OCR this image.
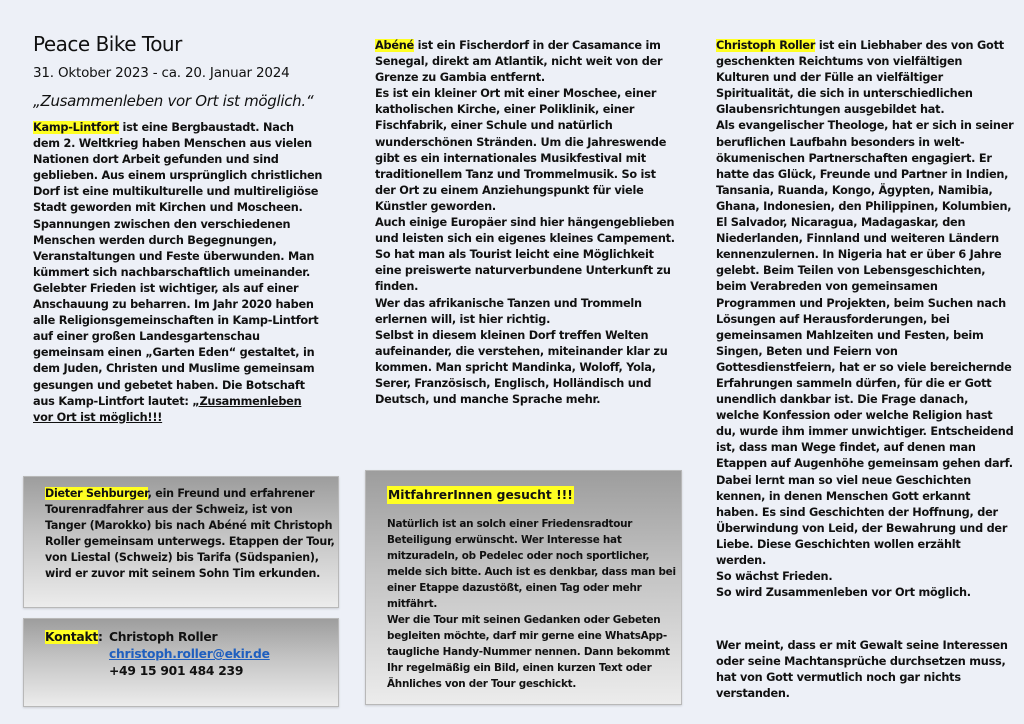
Peace Bike Tour
31. Oktober 2023 - ca. 20. Januar 2024
„Zusammenleben vor Ort ist möglich.“
Kamp-Lintfort ist eine Bergbaustadt. Nach dem 2. Weltkrieg haben Menschen aus vielen Nationen dort Arbeit gefunden und sind geblieben. Aus einem ursprünglich christlichen Dorf ist eine multikulturelle und multireligiöse Stadt geworden mit Kirchen und Moscheen. Spannungen zwischen den verschiedenen Menschen werden durch Begegnungen, Veranstaltungen und Feste überwunden. Man kümmert sich nachbarschaftlich umeinander. Gelebter Frieden ist wichtiger, als auf einer Anschauung zu beharren. Im Jahr 2020 haben alle Religionsgemeinschaften in Kamp-Lintfort auf einer großen Landesgartenschau gemeinsam einen „Garten Eden“ gestaltet, in dem Juden, Christen und Muslime gemeinsam gesungen und gebetet haben. Die Botschaft aus Kamp-Lintfort lautet: „Zusammenleben vor Ort ist möglich!!!
Dieter Sehburger, ein Freund und erfahrener Tourenradfahrer aus der Schweiz, ist von Tanger (Marokko) bis nach Abéné mit Christoph Roller gemeinsam unterwegs. Etappen der Tour, von Liestal (Schweiz) bis Tarifa (Südspanien), wird er zuvor mit seinem Sohn Tim erkunden.
Kontakt: Christoph Roller
christoph.roller@ekir.de
+49 15 901 484 239

Abéné ist ein Fischerdorf in der Casamance im Senegal, direkt am Atlantik, nicht weit von der Grenze zu Gambia entfernt.

Es ist ein kleiner Ort mit einer Moschee, einer katholischen Kirche, einer Poliklinik, einer Fischfabrik, einer Schule und natürlich wunderschönen Stränden. Um die Jahreswende gibt es ein internationales Musikfestival mit traditionellem Tanz und Trommelmusik. So ist der Ort zu einem Anziehungspunkt für viele Künstler geworden.

Auch einige Europäer sind hier hängengeblieben und leisten sich ein eigenes kleines Campement.

So hat man als Tourist leicht eine Möglichkeit eine preiswerte naturverbundene Unterkunft zu finden.

Wer das afrikanische Tanzen und Trommeln erlernen will, ist hier richtig.

Selbst in diesem kleinen Dorf treffen Welten aufeinander, die verstehen, miteinander klar zu kommen. Man spricht Mandinka, Woloff, Yola, Serer, Französisch, Englisch, Holländisch und Deutsch, und manche Sprache mehr.

MitfahrerInnen gesucht !!!

Natürlich ist an solch einer Friedensradtour Beteiligung erwünscht. Wer Interesse hat mitzuradeln, ob Pedelec oder noch sportlicher, melde sich bitte. Auch ist es denkbar, dass man bei einer Etappe dazustößt, einen Tag oder mehr mitfährt.

Wer die Tour mit seinen Gedanken oder Gebeten begleiten möchte, darf mir gerne eine WhatsApp-taugliche Handy-Nummer nennen. Dann bekommt Ihr regelmäßig ein Bild, einen kurzen Text oder Ähnliches von der Tour geschickt.

Christoph Roller ist ein Liebhaber des von Gott geschenkten Reichtums von vielfältigen Kulturen und der Fülle an vielfältiger Spiritualität, die sich in unterschiedlichen Glaubensrichtungen ausgebildet hat.

Als evangelischer Theologe, hat er sich in seiner beruflichen Laufbahn besonders in welt-ökumenischen Partnerschaften engagiert. Er hatte das Glück, Freunde und Partner in Indien, Tansania, Ruanda, Kongo, Ägypten, Namibia, Ghana, Indonesien, den Philippinen, Kolumbien, El Salvador, Nicaragua, Madagaskar, den Niederlanden, Finnland und weiteren Ländern kennenzulernen. In Nigeria hat er über 6 Jahre gelebt. Beim Teilen von Lebensgeschichten, beim Verabreden von gemeinsamen Programmen und Projekten, beim Suchen nach Lösungen auf Herausforderungen, bei gemeinsamen Mahlzeiten und Festen, beim Singen, Beten und Feiern von Gottesdienstfeiern, hat er so viele bereichernde Erfahrungen sammeln dürfen, für die er Gott unendlich dankbar ist. Die Frage danach, welche Konfession oder welche Religion hast du, wurde ihm immer unwichtiger. Entscheidend ist, dass man Wege findet, auf denen man Etappen auf Augenhöhe gemeinsam gehen darf. Dabei lernt man so viel neue Geschichten kennen, in denen Menschen Gott erkannt haben. Es sind Geschichten der Hoffnung, der Überwindung von Leid, der Bewahrung und der Liebe. Diese Geschichten wollen erzählt werden.

So wächst Frieden.

So wird Zusammenleben vor Ort möglich.

Wer meint, dass er mit Gewalt seine Interessen oder seine Machtansprüche durchsetzen muss, hat von Gott vermutlich noch gar nichts verstanden.
